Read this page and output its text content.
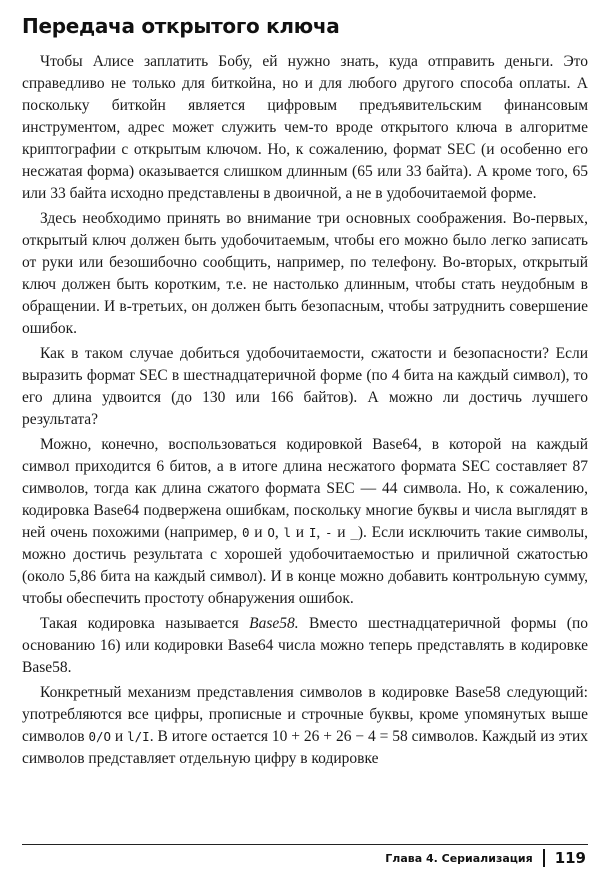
Передача открытого ключа

Чтобы Алисе заплатить Бобу, ей нужно знать, куда отправить деньги. Это справедливо не только для биткойна, но и для любого другого способа оплаты. А поскольку биткойн является цифровым предъявительским финансовым инструментом, адрес может служить чем-то вроде открытого ключа в алгоритме криптографии с открытым ключом. Но, к сожалению, формат SEC (и особенно его несжатая форма) оказывается слишком длинным (65 или 33 байта). А кроме того, 65 или 33 байта исходно представлены в двоичной, а не в удобочитаемой форме.

Здесь необходимо принять во внимание три основных соображения. Во-первых, открытый ключ должен быть удобочитаемым, чтобы его можно было легко записать от руки или безошибочно сообщить, например, по телефону. Во-вторых, открытый ключ должен быть коротким, т.е. не настолько длинным, чтобы стать неудобным в обращении. И в-третьих, он должен быть безопасным, чтобы затруднить совершение ошибок.

Как в таком случае добиться удобочитаемости, сжатости и безопасности? Если выразить формат SEC в шестнадцатеричной форме (по 4 бита на каждый символ), то его длина удвоится (до 130 или 166 байтов). А можно ли достичь лучшего результата?

Можно, конечно, воспользоваться кодировкой Base64, в которой на каждый символ приходится 6 битов, а в итоге длина несжатого формата SEC составляет 87 символов, тогда как длина сжатого формата SEC — 44 символа. Но, к сожалению, кодировка Base64 подвержена ошибкам, поскольку многие буквы и числа выглядят в ней очень похожими (например, 0 и O, l и I, - и _). Если исключить такие символы, можно достичь результата с хорошей удобочитаемостью и приличной сжатостью (около 5,86 бита на каждый символ). И в конце можно добавить контрольную сумму, чтобы обеспечить простоту обнаружения ошибок.

Такая кодировка называется Base58. Вместо шестнадцатеричной формы (по основанию 16) или кодировки Base64 числа можно теперь представлять в кодировке Base58.

Конкретный механизм представления символов в кодировке Base58 следующий: употребляются все цифры, прописные и строчные буквы, кроме упомянутых выше символов 0/O и l/I. В итоге остается 10 + 26 + 26 − 4 = 58 символов. Каждый из этих символов представляет отдельную цифру в кодировке

Глава 4. Сериализация 119
